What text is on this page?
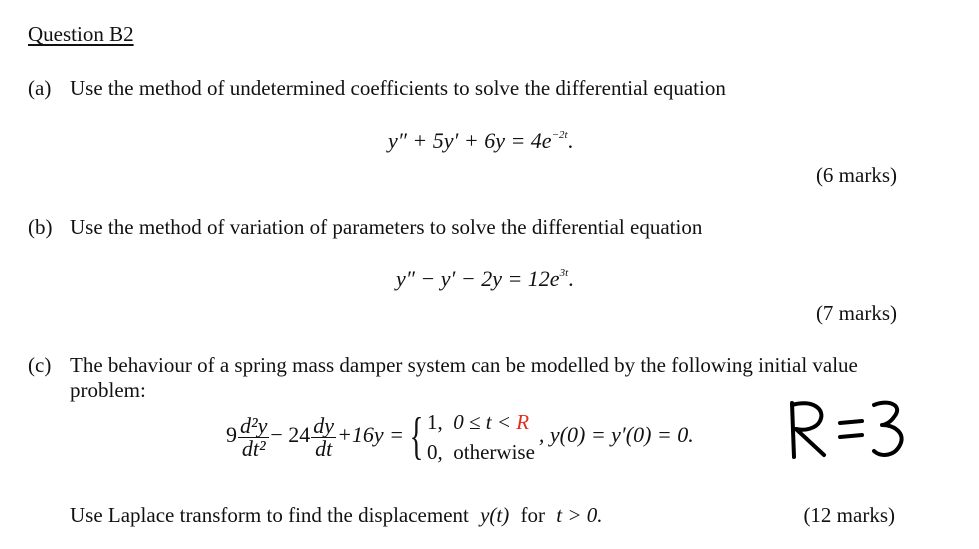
Question B2
(a) Use the method of undetermined coefficients to solve the differential equation
$y'' + 5y' + 6y = 4e^{-2t}$.
(6 marks)
(b) Use the method of variation of parameters to solve the differential equation
$y'' - y' - 2y = 12e^{3t}$.
(7 marks)
(c) The behaviour of a spring mass damper system can be modelled by the following initial value
problem:
$9 \frac{\text{d²y}}{\text{dt²}} - 24 \frac{dy}{dt} +16y$ = { 1, 0 ≤ t < R
0, otherwise
, y(0) = y′(0) = 0.
Use Laplace transform to find the displacement y(t) for t > 0.	(12 marks)
